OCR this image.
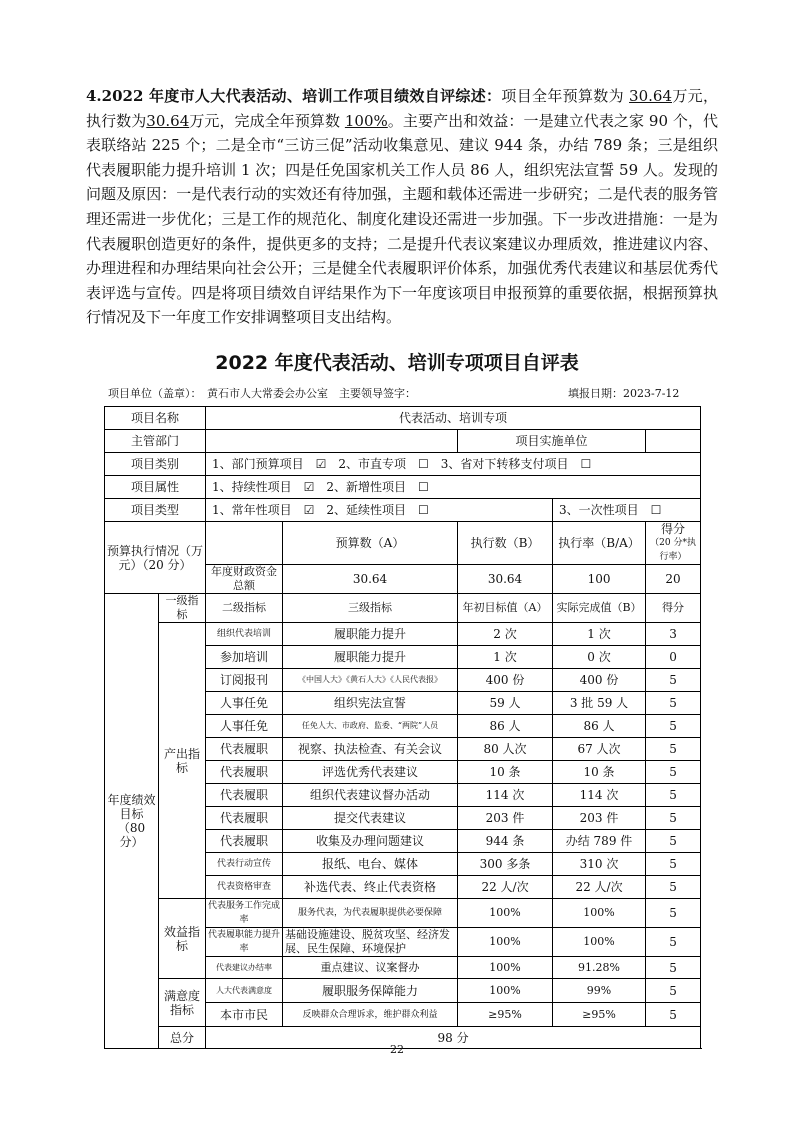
4.2022 年度市人大代表活动、培训工作项目绩效自评综述：项目全年预算数为 30.64万元，执行数为30.64万元，完成全年预算数 100%。主要产出和效益：一是建立代表之家 90 个，代表联络站 225 个；二是全市“三访三促”活动收集意见、建议 944 条，办结 789 条；三是组织代表履职能力提升培训 1 次；四是任免国家机关工作人员 86 人，组织宪法宣誓 59 人。发现的问题及原因：一是代表行动的实效还有待加强，主题和载体还需进一步研究；二是代表的服务管理还需进一步优化；三是工作的规范化、制度化建设还需进一步加强。下一步改进措施：一是为代表履职创造更好的条件，提供更多的支持；二是提升代表议案建议办理质效，推进建议内容、办理进程和办理结果向社会公开；三是健全代表履职评价体系，加强优秀代表建议和基层优秀代表评选与宣传。四是将项目绩效自评结果作为下一年度该项目申报预算的重要依据，根据预算执行情况及下一年度工作安排调整项目支出结构。

2022 年度代表活动、培训专项项目自评表
项目单位（盖章）：　黄石市人大常委会办公室　主要领导签字：	填报日期：2023-7-12
项目名称		代表活动、培训专项				
主管部门				项目实施单位		
项目类别		1、部门预算项目　☑　2、市直专项　☐　3、省对下转移支付项目　☐				
项目属性		1、持续性项目　☑　2、新增性项目　☐				
项目类型		1、常年性项目　☑　2、延续性项目　☐			3、一次性项目　☐	
预算执行情况（万元）（20 分）			预算数（A）	执行数（B）	执行率（B/A）	得分
（20 分*执行率）

		年度财政资金总额	30.64	30.64	100	20
年度绩效目标（80 分）	一级指标	二级指标	三级指标	年初目标值（A）	实际完成值（B）	得分
	产出指标	组织代表培训	履职能力提升	2 次	1 次	3
		参加培训	履职能力提升	1 次	0 次	0
		订阅报刊	《中国人大》《黄石人大》《人民代表报》	400 份	400 份	5
		人事任免	组织宪法宣誓	59 人	3 批 59 人	5
		人事任免	任免人大、市政府、监委、“两院”人员	86 人	86 人	5
		代表履职	视察、执法检查、有关会议	80 人次	67 人次	5
		代表履职	评选优秀代表建议	10 条	10 条	5
		代表履职	组织代表建议督办活动	114 次	114 次	5
		代表履职	提交代表建议	203 件	203 件	5
		代表履职	收集及办理问题建议	944 条	办结 789 件	5
		代表行动宣传	报纸、电台、媒体	300 多条	310 次	5
		代表资格审查	补选代表、终止代表资格	22 人/次	22 人/次	5
	效益指标	代表服务工作完成率	服务代表，为代表履职提供必要保障	100%	100%	5
		代表履职能力提升率	基础设施建设、脱贫攻坚、经济发展、民生保障、环境保护	100%	100%	5
		代表建议办结率	重点建议、议案督办	100%	91.28%	5
	满意度指标	人大代表满意度	履职服务保障能力	100%	99%	5
		本市市民	反映群众合理诉求，维护群众利益	≥95%	≥95%	5
	总分	98 分				
22
